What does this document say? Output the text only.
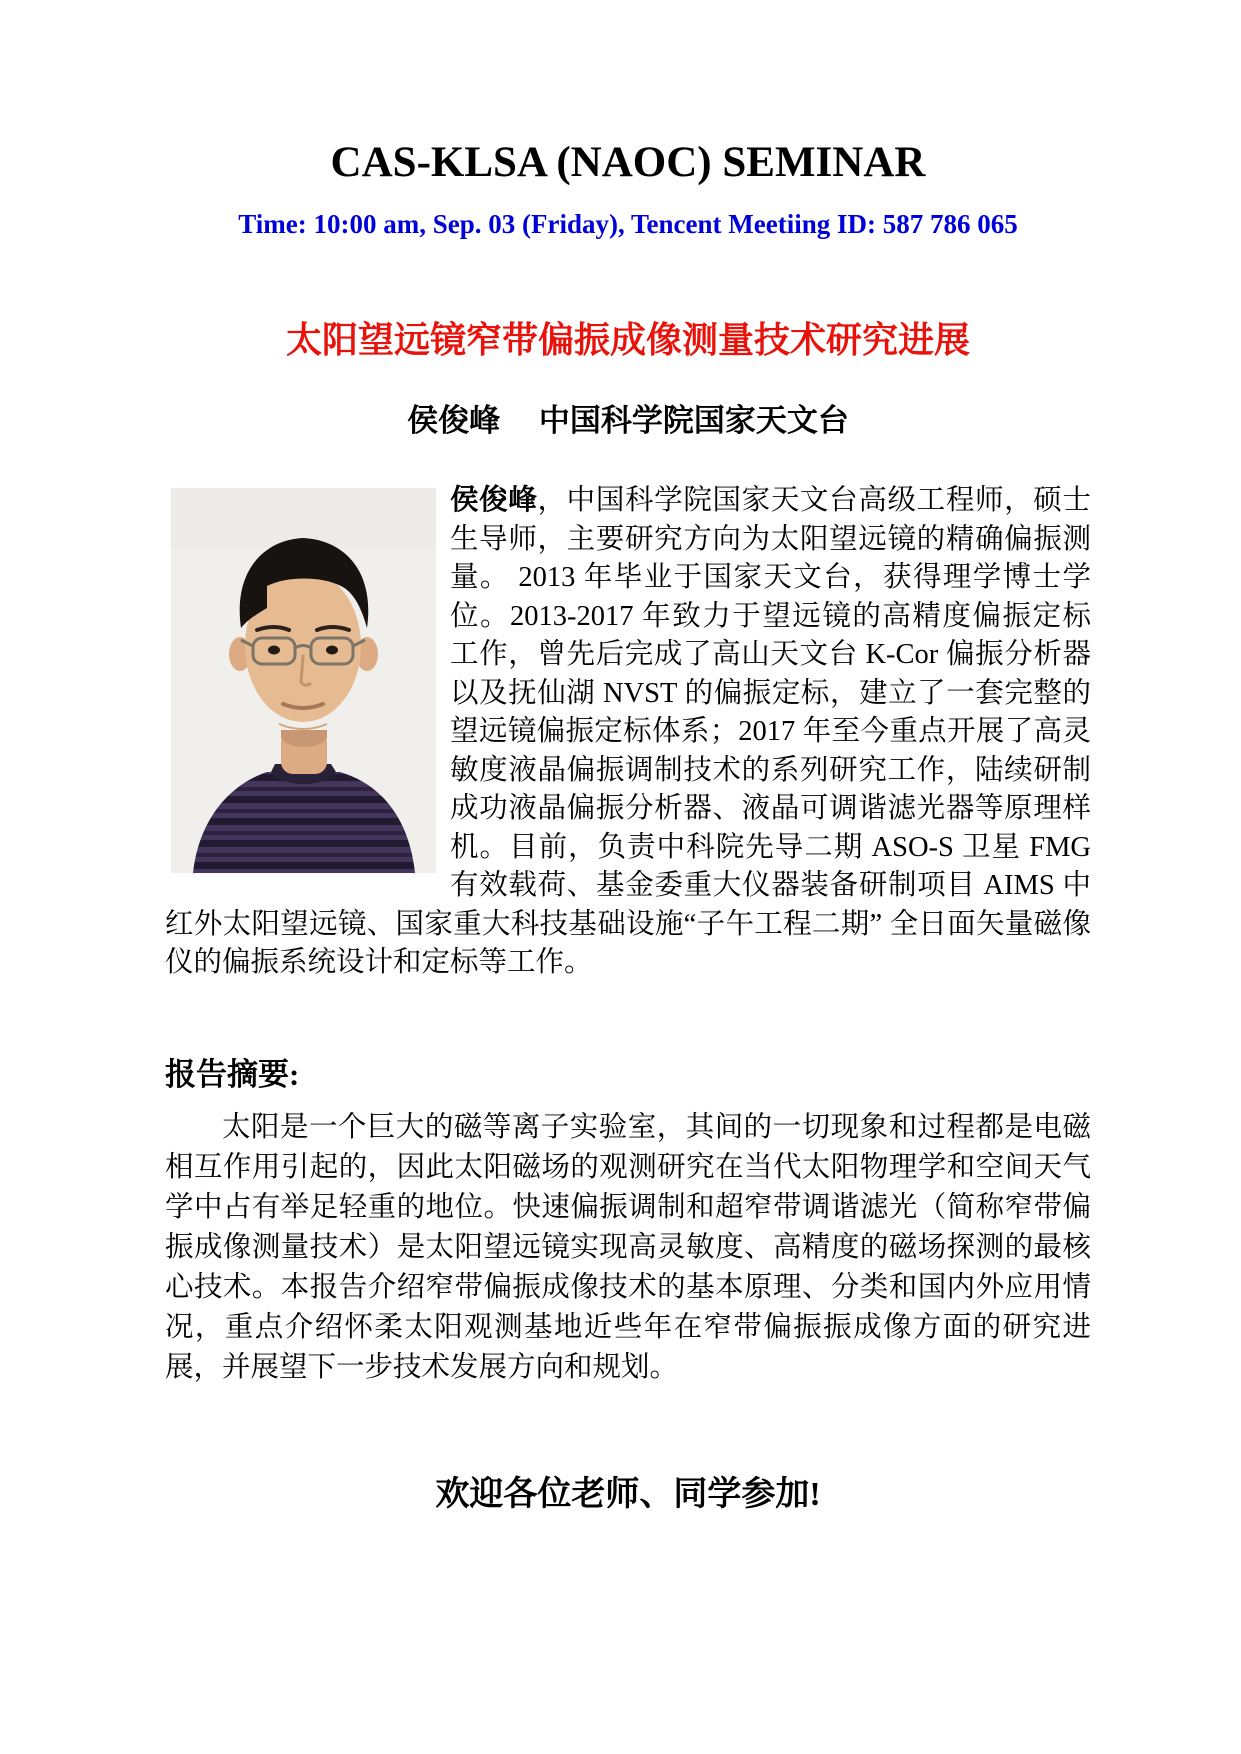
CAS-KLSA (NAOC) SEMINAR
Time: 10:00 am, Sep. 03 (Friday), Tencent Meetiing ID: 587 786 065
太阳望远镜窄带偏振成像测量技术研究进展
侯俊峰　 中国科学院国家天文台
侯俊峰，中国科学院国家天文台高级工程师，硕士生导师，主要研究方向为太阳望远镜的精确偏振测量。 2013 年毕业于国家天文台，获得理学博士学位。2013-2017 年致力于望远镜的高精度偏振定标工作，曾先后完成了高山天文台 K-Cor 偏振分析器以及抚仙湖 NVST 的偏振定标，建立了一套完整的望远镜偏振定标体系；2017 年至今重点开展了高灵敏度液晶偏振调制技术的系列研究工作，陆续研制成功液晶偏振分析器、液晶可调谐滤光器等原理样机。目前，负责中科院先导二期 ASO-S 卫星 FMG 有效载荷、基金委重大仪器装备研制项目 AIMS 中红外太阳望远镜、国家重大科技基础设施“子午工程二期” 全日面矢量磁像仪的偏振系统设计和定标等工作。
报告摘要:
太阳是一个巨大的磁等离子实验室，其间的一切现象和过程都是电磁相互作用引起的，因此太阳磁场的观测研究在当代太阳物理学和空间天气学中占有举足轻重的地位。快速偏振调制和超窄带调谐滤光（简称窄带偏振成像测量技术）是太阳望远镜实现高灵敏度、高精度的磁场探测的最核心技术。本报告介绍窄带偏振成像技术的基本原理、分类和国内外应用情况，重点介绍怀柔太阳观测基地近些年在窄带偏振振成像方面的研究进展，并展望下一步技术发展方向和规划。
欢迎各位老师、同学参加!
